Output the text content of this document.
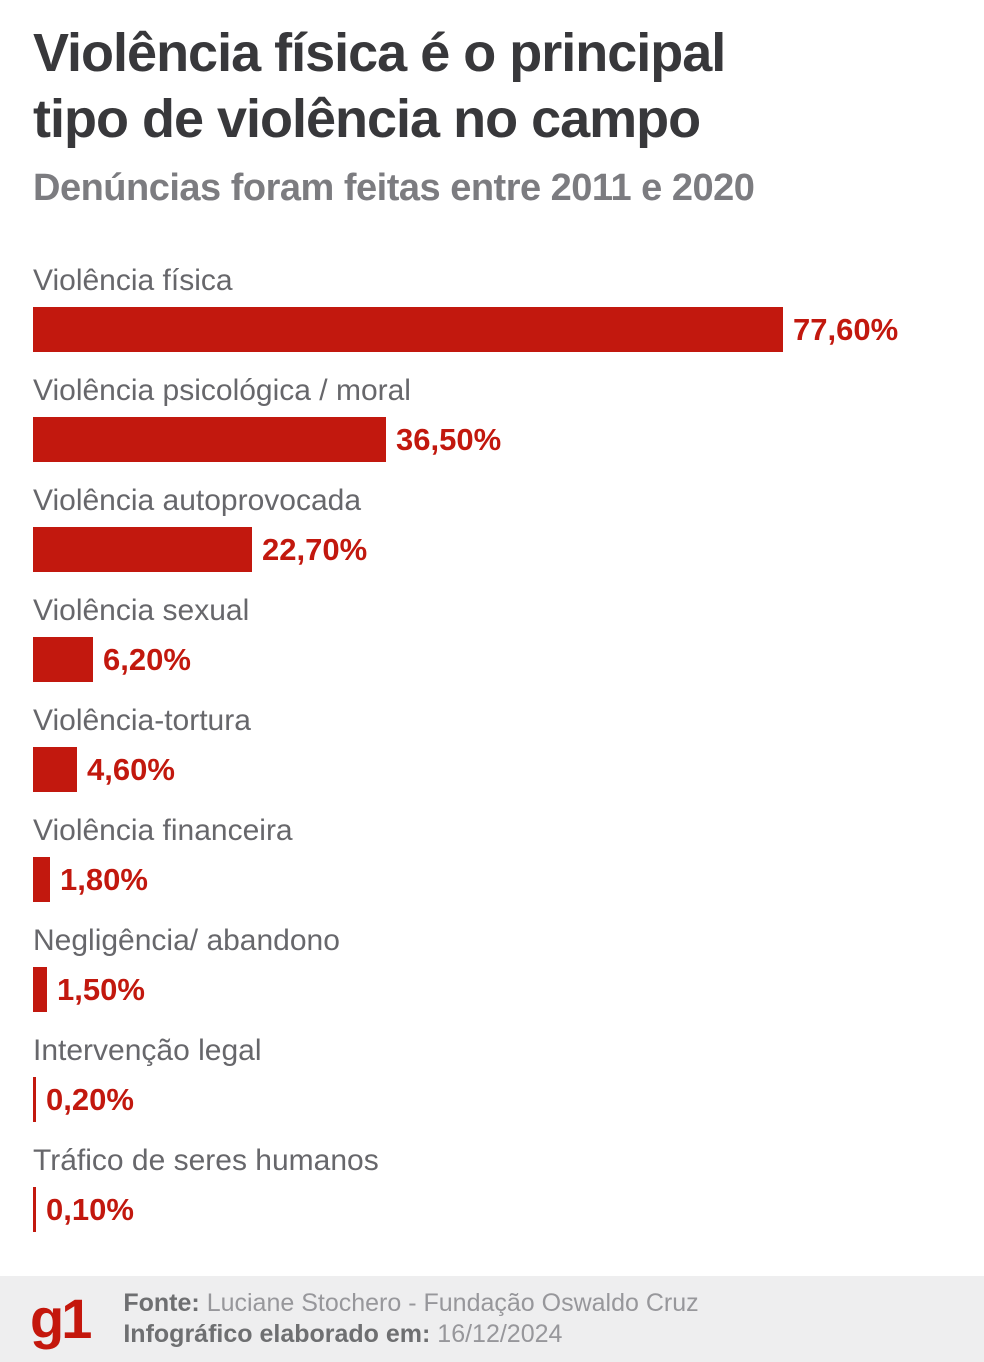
Violência física é o principal
tipo de violência no campo

Denúncias foram feitas entre 2011 e 2020

Violência física
77,60%
Violência psicológica / moral
36,50%
Violência autoprovocada
22,70%
Violência sexual
6,20%
Violência-tortura
4,60%
Violência financeira
1,80%
Negligência/ abandono
1,50%
Intervenção legal
0,20%
Tráfico de seres humanos
0,10%
g1 Fonte: Luciane Stochero - Fundação Oswaldo Cruz
Infográfico elaborado em: 16/12/2024
